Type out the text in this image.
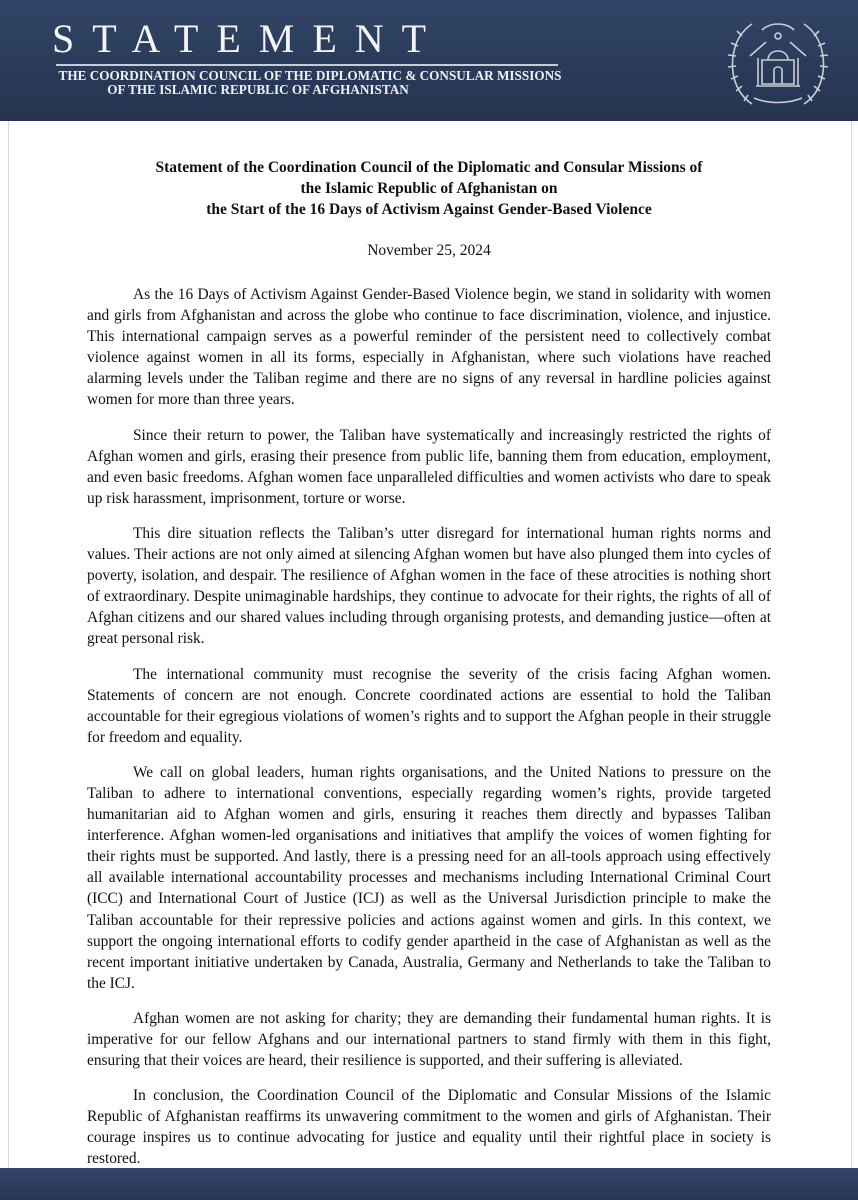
STATEMENT
THE COORDINATION COUNCIL OF THE DIPLOMATIC & CONSULAR MISSIONS
OF THE ISLAMIC REPUBLIC OF AFGHANISTAN
Statement of the Coordination Council of the Diplomatic and Consular Missions of
the Islamic Republic of Afghanistan on
the Start of the 16 Days of Activism Against Gender-Based Violence
November 25, 2024

As the 16 Days of Activism Against Gender-Based Violence begin, we stand in solidarity with women and girls from Afghanistan and across the globe who continue to face discrimination, violence, and injustice. This international campaign serves as a powerful reminder of the persistent need to collectively combat violence against women in all its forms, especially in Afghanistan, where such violations have reached alarming levels under the Taliban regime and there are no signs of any reversal in hardline policies against women for more than three years.

Since their return to power, the Taliban have systematically and increasingly restricted the rights of Afghan women and girls, erasing their presence from public life, banning them from education, employment, and even basic freedoms. Afghan women face unparalleled difficulties and women activists who dare to speak up risk harassment, imprisonment, torture or worse.

This dire situation reflects the Taliban’s utter disregard for international human rights norms and values. Their actions are not only aimed at silencing Afghan women but have also plunged them into cycles of poverty, isolation, and despair. The resilience of Afghan women in the face of these atrocities is nothing short of extraordinary. Despite unimaginable hardships, they continue to advocate for their rights, the rights of all of Afghan citizens and our shared values including through organising protests, and demanding justice—often at great personal risk.

The international community must recognise the severity of the crisis facing Afghan women. Statements of concern are not enough. Concrete coordinated actions are essential to hold the Taliban accountable for their egregious violations of women’s rights and to support the Afghan people in their struggle for freedom and equality.

We call on global leaders, human rights organisations, and the United Nations to pressure on the Taliban to adhere to international conventions, especially regarding women’s rights, provide targeted humanitarian aid to Afghan women and girls, ensuring it reaches them directly and bypasses Taliban interference. Afghan women-led organisations and initiatives that amplify the voices of women fighting for their rights must be supported. And lastly, there is a pressing need for an all-tools approach using effectively all available international accountability processes and mechanisms including International Criminal Court (ICC) and International Court of Justice (ICJ) as well as the Universal Jurisdiction principle to make the Taliban accountable for their repressive policies and actions against women and girls. In this context, we support the ongoing international efforts to codify gender apartheid in the case of Afghanistan as well as the recent important initiative undertaken by Canada, Australia, Germany and Netherlands to take the Taliban to the ICJ.

Afghan women are not asking for charity; they are demanding their fundamental human rights. It is imperative for our fellow Afghans and our international partners to stand firmly with them in this fight, ensuring that their voices are heard, their resilience is supported, and their suffering is alleviated.

In conclusion, the Coordination Council of the Diplomatic and Consular Missions of the Islamic Republic of Afghanistan reaffirms its unwavering commitment to the women and girls of Afghanistan. Their courage inspires us to continue advocating for justice and equality until their rightful place in society is restored.
